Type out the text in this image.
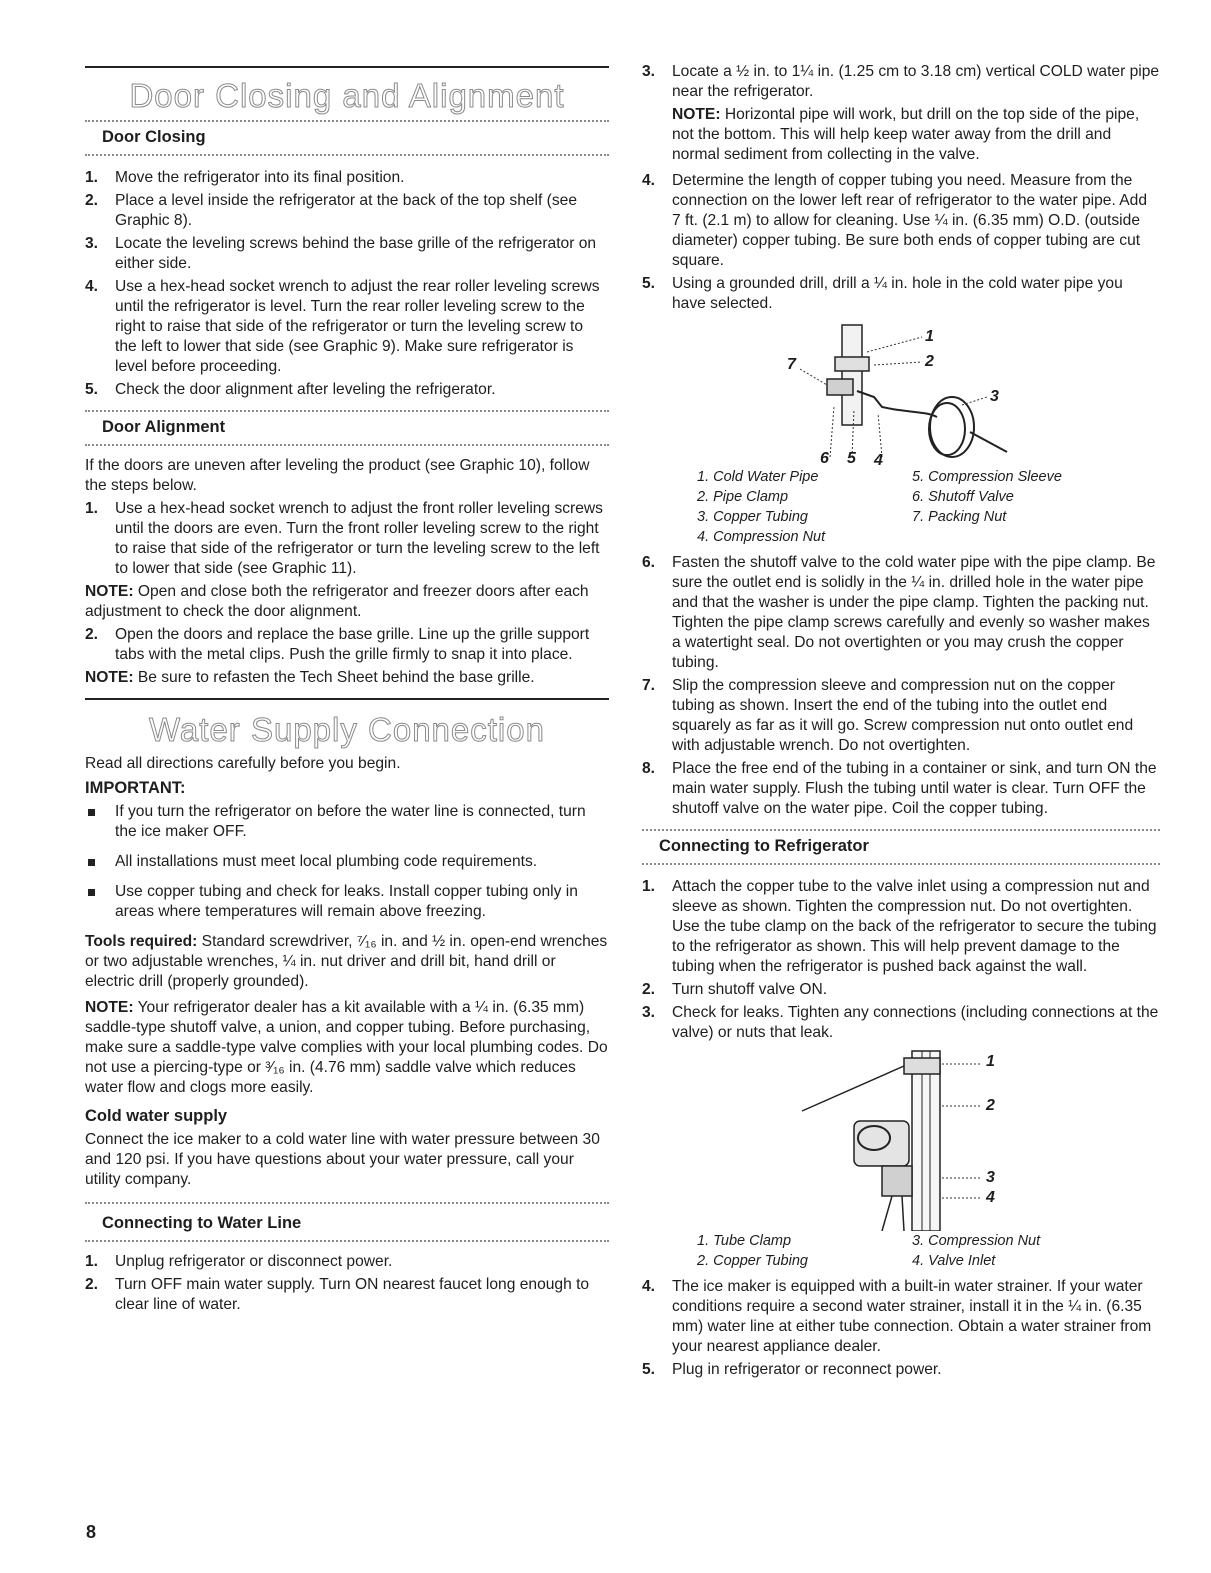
Door Closing and Alignment
Door Closing
1. Move the refrigerator into its final position.
2. Place a level inside the refrigerator at the back of the top shelf (see Graphic 8).
3. Locate the leveling screws behind the base grille of the refrigerator on either side.
4. Use a hex-head socket wrench to adjust the rear roller leveling screws until the refrigerator is level. Turn the rear roller leveling screw to the right to raise that side of the refrigerator or turn the leveling screw to the left to lower that side (see Graphic 9). Make sure refrigerator is level before proceeding.
5. Check the door alignment after leveling the refrigerator.
Door Alignment

If the doors are uneven after leveling the product (see Graphic 10), follow the steps below.

1. Use a hex-head socket wrench to adjust the front roller leveling screws until the doors are even. Turn the front roller leveling screw to the right to raise that side of the refrigerator or turn the leveling screw to the left to lower that side (see Graphic 11).

NOTE: Open and close both the refrigerator and freezer doors after each adjustment to check the door alignment.

2. Open the doors and replace the base grille. Line up the grille support tabs with the metal clips. Push the grille firmly to snap it into place.

NOTE: Be sure to refasten the Tech Sheet behind the base grille.

Water Supply Connection

Read all directions carefully before you begin.

IMPORTANT:
If you turn the refrigerator on before the water line is connected, turn the ice maker OFF.
All installations must meet local plumbing code requirements.
Use copper tubing and check for leaks. Install copper tubing only in areas where temperatures will remain above freezing.

Tools required: Standard screwdriver, ⁷⁄₁₆ in. and ½ in. open-end wrenches or two adjustable wrenches, ¼ in. nut driver and drill bit, hand drill or electric drill (properly grounded).

NOTE: Your refrigerator dealer has a kit available with a ¼ in. (6.35 mm) saddle-type shutoff valve, a union, and copper tubing. Before purchasing, make sure a saddle-type valve complies with your local plumbing codes. Do not use a piercing-type or ³⁄₁₆ in. (4.76 mm) saddle valve which reduces water flow and clogs more easily.

Cold water supply

Connect the ice maker to a cold water line with water pressure between 30 and 120 psi. If you have questions about your water pressure, call your utility company.

Connecting to Water Line
1. Unplug refrigerator or disconnect power.
2. Turn OFF main water supply. Turn ON nearest faucet long enough to clear line of water.
3. Locate a ½ in. to 1¼ in. (1.25 cm to 3.18 cm) vertical COLD water pipe near the refrigerator.

NOTE: Horizontal pipe will work, but drill on the top side of the pipe, not the bottom. This will help keep water away from the drill and normal sediment from collecting in the valve.

4. Determine the length of copper tubing you need. Measure from the connection on the lower left rear of refrigerator to the water pipe. Add 7 ft. (2.1 m) to allow for cleaning. Use ¼ in. (6.35 mm) O.D. (outside diameter) copper tubing. Be sure both ends of copper tubing are cut square.
5. Using a grounded drill, drill a ¼ in. hole in the cold water pipe you have selected.
1
2
3
7
6 5 4
1. Cold Water Pipe	5. Compression Sleeve
2. Pipe Clamp	6. Shutoff Valve
3. Copper Tubing	7. Packing Nut
4. Compression Nut
6. Fasten the shutoff valve to the cold water pipe with the pipe clamp. Be sure the outlet end is solidly in the ¼ in. drilled hole in the water pipe and that the washer is under the pipe clamp. Tighten the packing nut. Tighten the pipe clamp screws carefully and evenly so washer makes a watertight seal. Do not overtighten or you may crush the copper tubing.
7. Slip the compression sleeve and compression nut on the copper tubing as shown. Insert the end of the tubing into the outlet end squarely as far as it will go. Screw compression nut onto outlet end with adjustable wrench. Do not overtighten.
8. Place the free end of the tubing in a container or sink, and turn ON the main water supply. Flush the tubing until water is clear. Turn OFF the shutoff valve on the water pipe. Coil the copper tubing.
Connecting to Refrigerator
1. Attach the copper tube to the valve inlet using a compression nut and sleeve as shown. Tighten the compression nut. Do not overtighten. Use the tube clamp on the back of the refrigerator to secure the tubing to the refrigerator as shown. This will help prevent damage to the tubing when the refrigerator is pushed back against the wall.
2. Turn shutoff valve ON.
3. Check for leaks. Tighten any connections (including connections at the valve) or nuts that leak.
1
2
3
4
1. Tube Clamp	3. Compression Nut
2. Copper Tubing	4. Valve Inlet
4. The ice maker is equipped with a built-in water strainer. If your water conditions require a second water strainer, install it in the ¼ in. (6.35 mm) water line at either tube connection. Obtain a water strainer from your nearest appliance dealer.
5. Plug in refrigerator or reconnect power.
8
